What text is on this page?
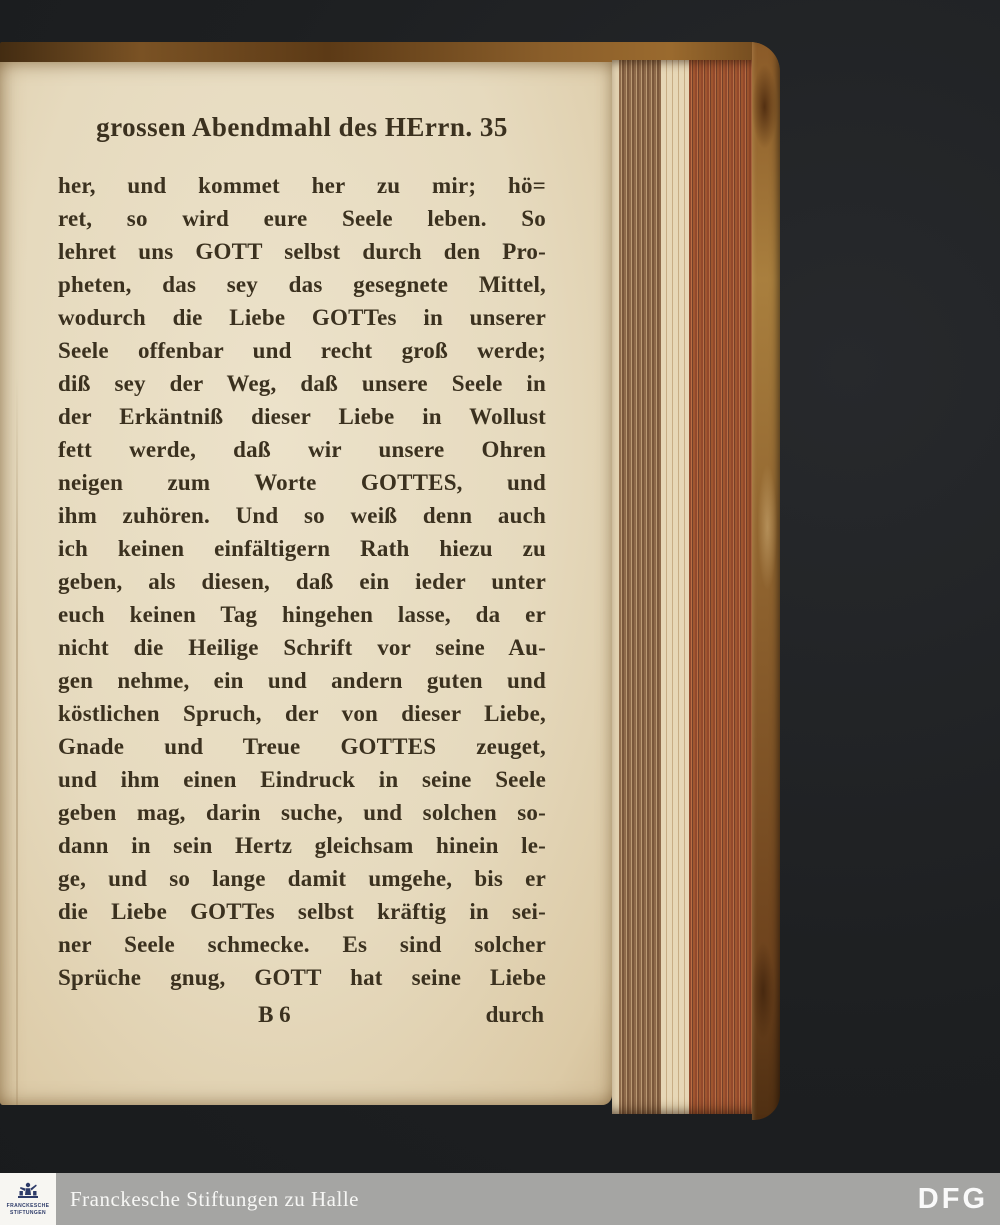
grossen Abendmahl des HErrn. 35
her, und kommet her zu mir; hö=
ret, so wird eure Seele leben. So
lehret uns GOTT selbst durch den Pro-
pheten, das sey das gesegnete Mittel,
wodurch die Liebe GOTTes in unserer
Seele offenbar und recht groß werde;
diß sey der Weg, daß unsere Seele in
der Erkäntniß dieser Liebe in Wollust
fett werde, daß wir unsere Ohren
neigen zum Worte GOTTES, und
ihm zuhören. Und so weiß denn auch
ich keinen einfältigern Rath hiezu zu
geben, als diesen, daß ein ieder unter
euch keinen Tag hingehen lasse, da er
nicht die Heilige Schrift vor seine Au-
gen nehme, ein und andern guten und
köstlichen Spruch, der von dieser Liebe,
Gnade und Treue GOTTES zeuget,
und ihm einen Eindruck in seine Seele
geben mag, darin suche, und solchen so-
dann in sein Hertz gleichsam hinein le-
ge, und so lange damit umgehe, bis er
die Liebe GOTTes selbst kräftig in sei-
ner Seele schmecke. Es sind solcher
Sprüche gnug, GOTT hat seine Liebe
B 6	durch
FRANCKESCHE
STIFTUNGEN
Franckesche Stiftungen zu Halle	DFG
